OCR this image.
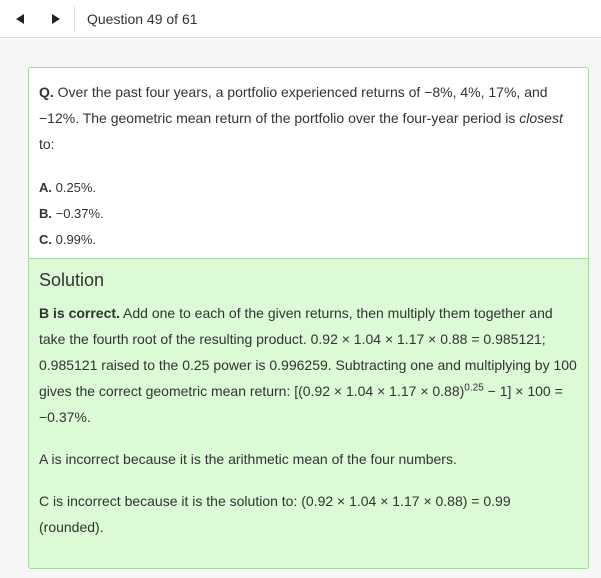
Question 49 of 61

Q. Over the past four years, a portfolio experienced returns of −8%, 4%, 17%, and −12%. The geometric mean return of the portfolio over the four-year period is closest to:

A. 0.25%.
B. −0.37%.
C. 0.99%.
Solution

B is correct. Add one to each of the given returns, then multiply them together and take the fourth root of the resulting product. 0.92 × 1.04 × 1.17 × 0.88 = 0.985121; 0.985121 raised to the 0.25 power is 0.996259. Subtracting one and multiplying by 100 gives the correct geometric mean return: $[(0.92 \times 1.04 \times 1.17 \times 0.88)^{0.25} - 1] \times 100 = -0.37\%$.

A is incorrect because it is the arithmetic mean of the four numbers.

C is incorrect because it is the solution to: (0.92 × 1.04 × 1.17 × 0.88) = 0.99 (rounded).
